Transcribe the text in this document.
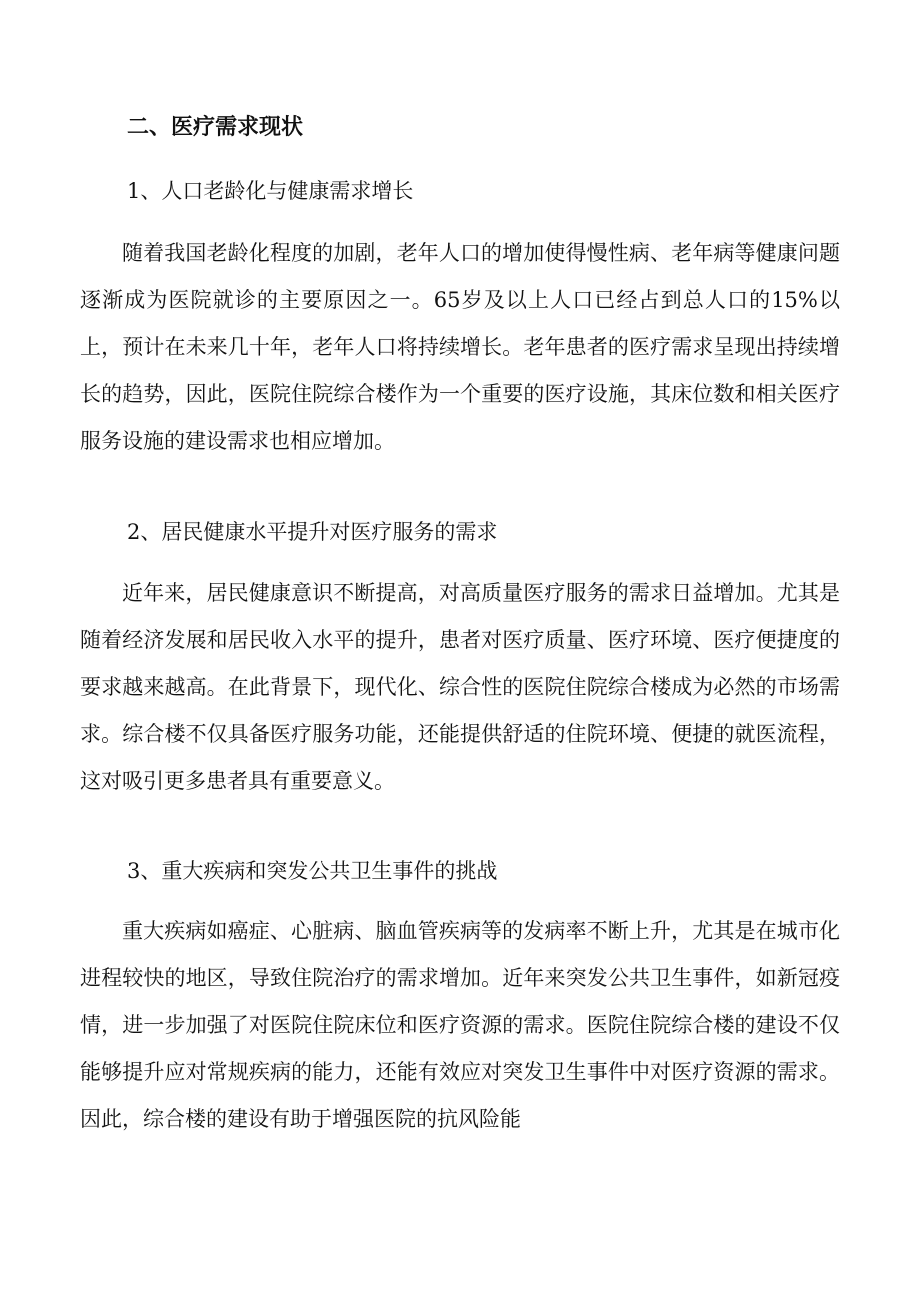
二、医疗需求现状
1、人口老龄化与健康需求增长

随着我国老龄化程度的加剧，老年人口的增加使得慢性病、老年病等健康问题逐渐成为医院就诊的主要原因之一。65岁及以上人口已经占到总人口的15%以上，预计在未来几十年，老年人口将持续增长。老年患者的医疗需求呈现出持续增长的趋势，因此，医院住院综合楼作为一个重要的医疗设施，其床位数和相关医疗服务设施的建设需求也相应增加。

2、居民健康水平提升对医疗服务的需求

近年来，居民健康意识不断提高，对高质量医疗服务的需求日益增加。尤其是随着经济发展和居民收入水平的提升，患者对医疗质量、医疗环境、医疗便捷度的要求越来越高。在此背景下，现代化、综合性的医院住院综合楼成为必然的市场需求。综合楼不仅具备医疗服务功能，还能提供舒适的住院环境、便捷的就医流程，这对吸引更多患者具有重要意义。

3、重大疾病和突发公共卫生事件的挑战

重大疾病如癌症、心脏病、脑血管疾病等的发病率不断上升，尤其是在城市化进程较快的地区，导致住院治疗的需求增加。近年来突发公共卫生事件，如新冠疫情，进一步加强了对医院住院床位和医疗资源的需求。医院住院综合楼的建设不仅能够提升应对常规疾病的能力，还能有效应对突发卫生事件中对医疗资源的需求。因此，综合楼的建设有助于增强医院的抗风险能
